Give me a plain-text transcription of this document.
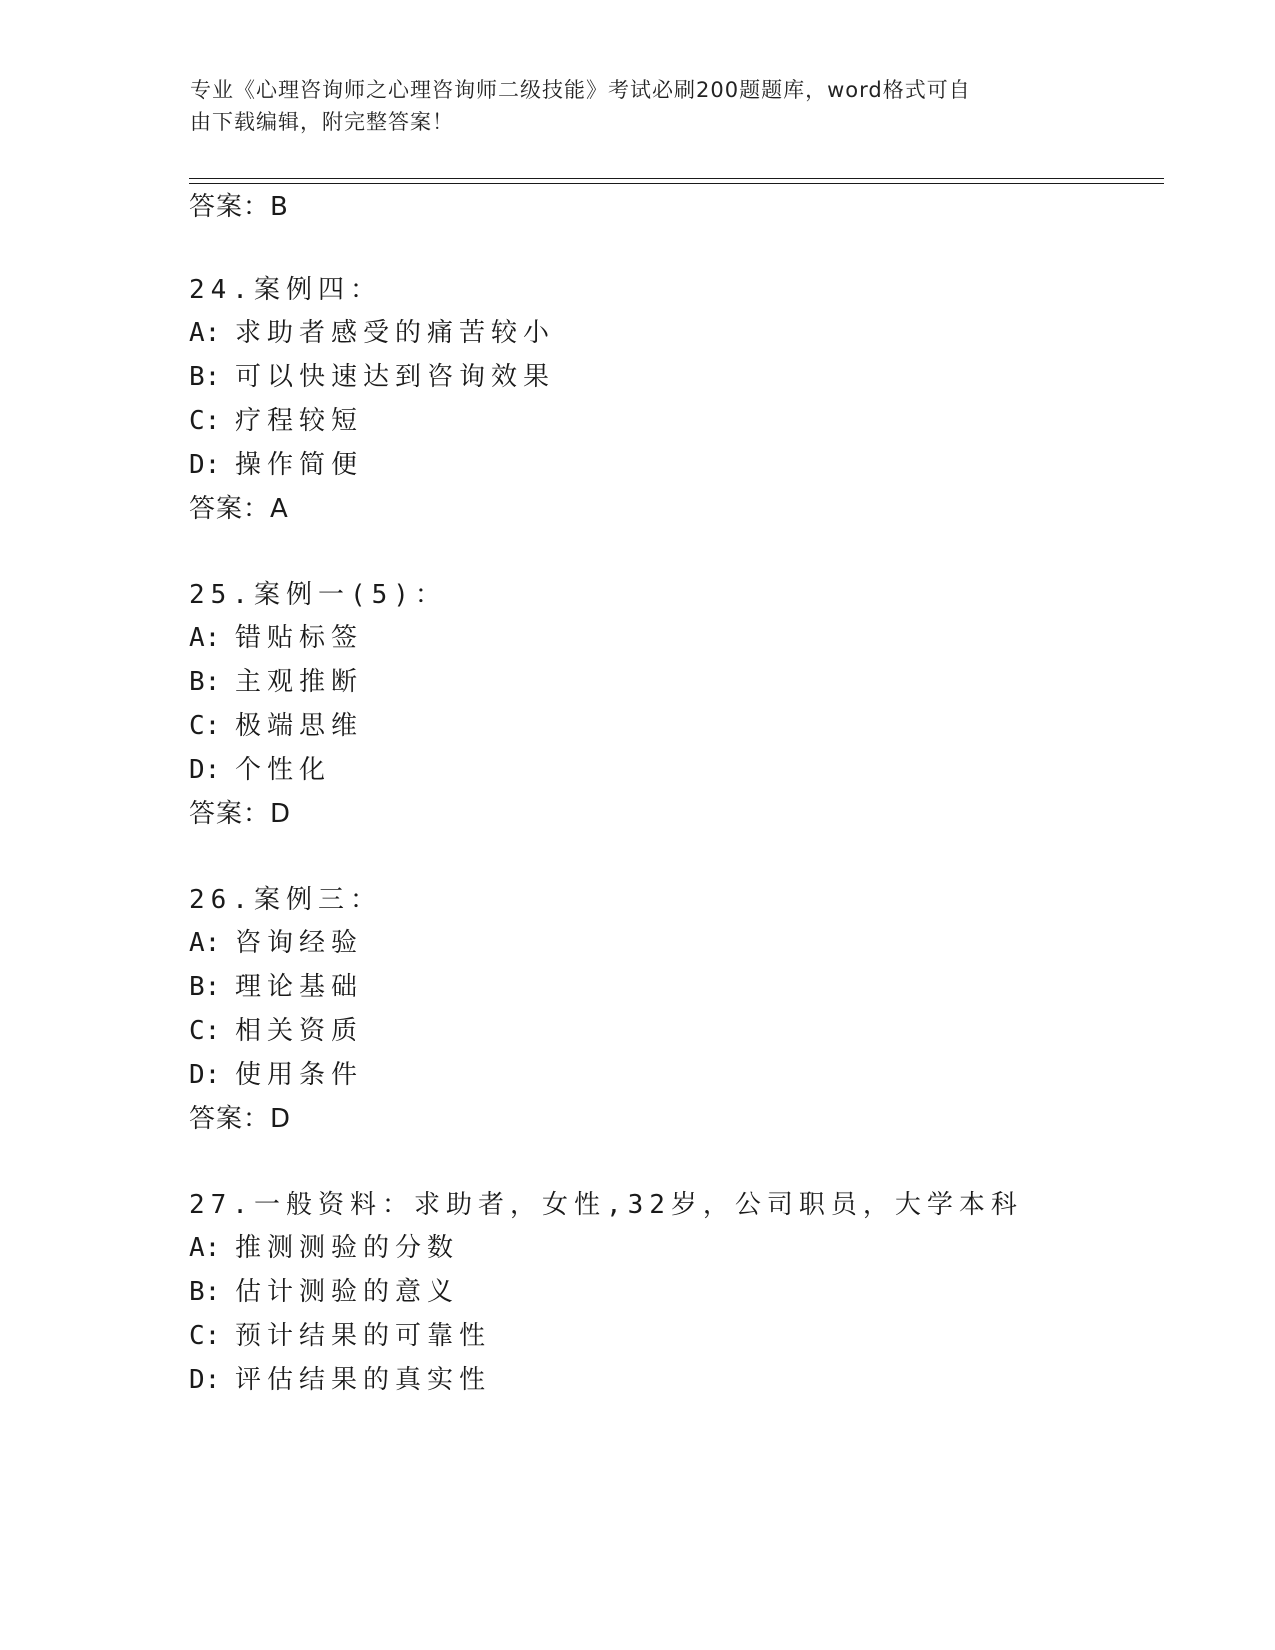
专业《心理咨询师之心理咨询师二级技能》考试必刷200题题库，word格式可自
由下载编辑，附完整答案！
答案：B
24.案例四：
A: 求助者感受的痛苦较小
B: 可以快速达到咨询效果
C: 疗程较短
D: 操作简便
答案：A
25.案例一(5)：
A: 错贴标签
B: 主观推断
C: 极端思维
D: 个性化
答案：D
26.案例三：
A: 咨询经验
B: 理论基础
C: 相关资质
D: 使用条件
答案：D
27.一般资料：求助者，女性,32岁，公司职员，大学本科
A: 推测测验的分数
B: 估计测验的意义
C: 预计结果的可靠性
D: 评估结果的真实性
